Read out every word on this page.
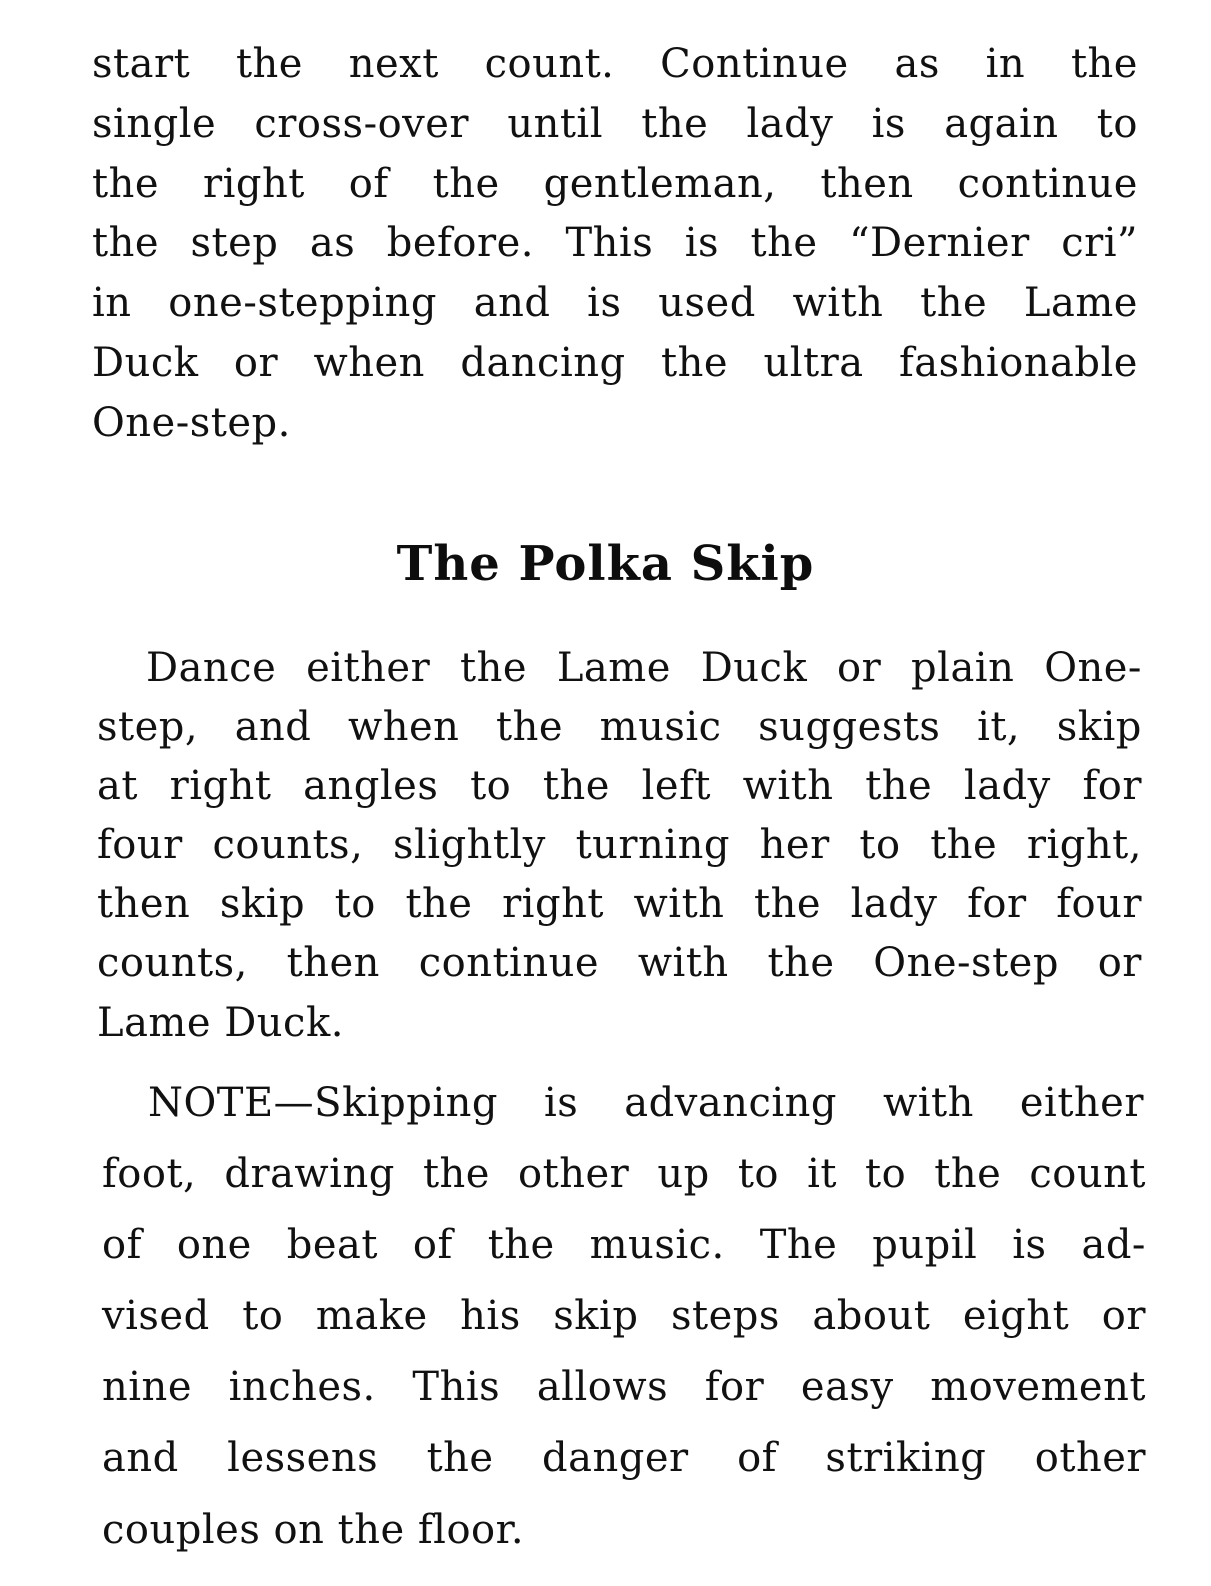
start the next count. Continue as in the
single cross-over until the lady is again to
the right of the gentleman, then continue
the step as before. This is the “Dernier cri”
in one-stepping and is used with the Lame
Duck or when dancing the ultra fashionable
One-step.
The Polka Skip
Dance either the Lame Duck or plain One-
step, and when the music suggests it, skip
at right angles to the left with the lady for
four counts, slightly turning her to the right,
then skip to the right with the lady for four
counts, then continue with the One-step or
Lame Duck.
NOTE—Skipping is advancing with either
foot, drawing the other up to it to the count
of one beat of the music. The pupil is ad-
vised to make his skip steps about eight or
nine inches. This allows for easy movement
and lessens the danger of striking other
couples on the floor.
